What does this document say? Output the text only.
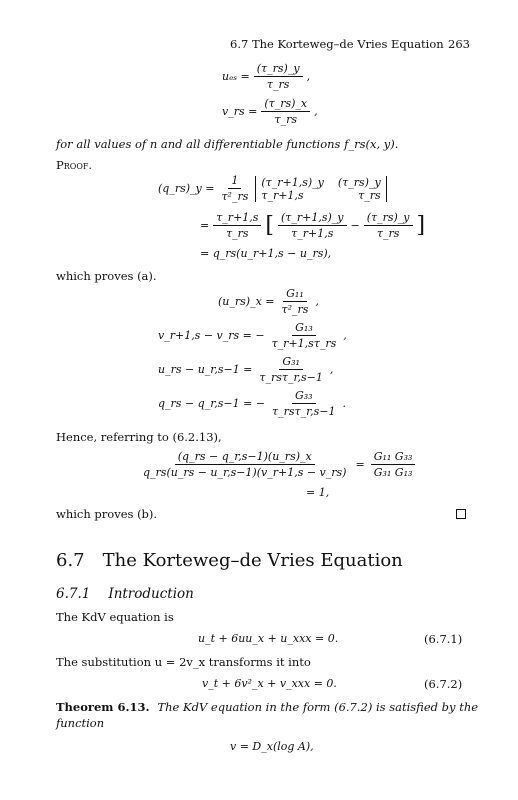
6.7 The Korteweg–de Vries Equation 263
$u_{es} = \frac{(\tau\_rs)\_y}{\tau\_rs}$ ,
v_rs = $\frac{(\tau\_rs)\_x}{\tau\_rs}$ ,
for all values of n and all differentiable functions f_rs(x, y).
Proof.
(q_rs)_y = $\frac{1}{\text{τ²\_rs}}$ (τ_r+1,s)_y (τ_rs)_y
τ_r+1,s	τ_rs
= $\frac{\tau\_r+1,s}{\tau\_rs}$ [ $\frac{(\tau\_r+1,s)\_y}{\tau\_r+1,s} - \frac{(\tau\_rs)\_y}{\tau\_rs}$ ]
= q_rs(u_r+1,s − u_rs),
which proves (a).
(u_rs)_x = $\frac{\text{G₁₁}}{\text{τ²\_rs}}$ ,
v_r+1,s − v_rs = − $\frac{\text{G₁₃}}{\tau\_r+1,s\tau\_rs}$ ,
u_rs − u_r,s−1 = $\frac{\text{G₃₁}}{\text{τ\_rsτ\_r,s−1}}$ ,
q_rs − q_r,s−1 = − $\frac{\text{G₃₃}}{\text{τ\_rsτ\_r,s−1}}$ .
Hence, referring to (6.2.13),
$\frac{(q\_rs - q\_r,s-1)(u\_rs)\_x}{q\_rs(u\_rs - u\_r,s-1)(v\_r+1,s - v\_rs)} = \frac{\text{G₁₁ G₃₃}}{\text{G₃₁ G₁₃}}$
= 1,
which proves (b).
6.7 The Korteweg–de Vries Equation
6.7.1 Introduction
The KdV equation is
u_t + 6uu_x + u_xxx = 0.	(6.7.1)
The substitution u = 2v_x transforms it into
v_t + 6v²_x + v_xxx = 0.	(6.7.2)
Theorem 6.13. The KdV equation in the form (6.7.2) is satisfied by the
function
v = D_x(log A),
